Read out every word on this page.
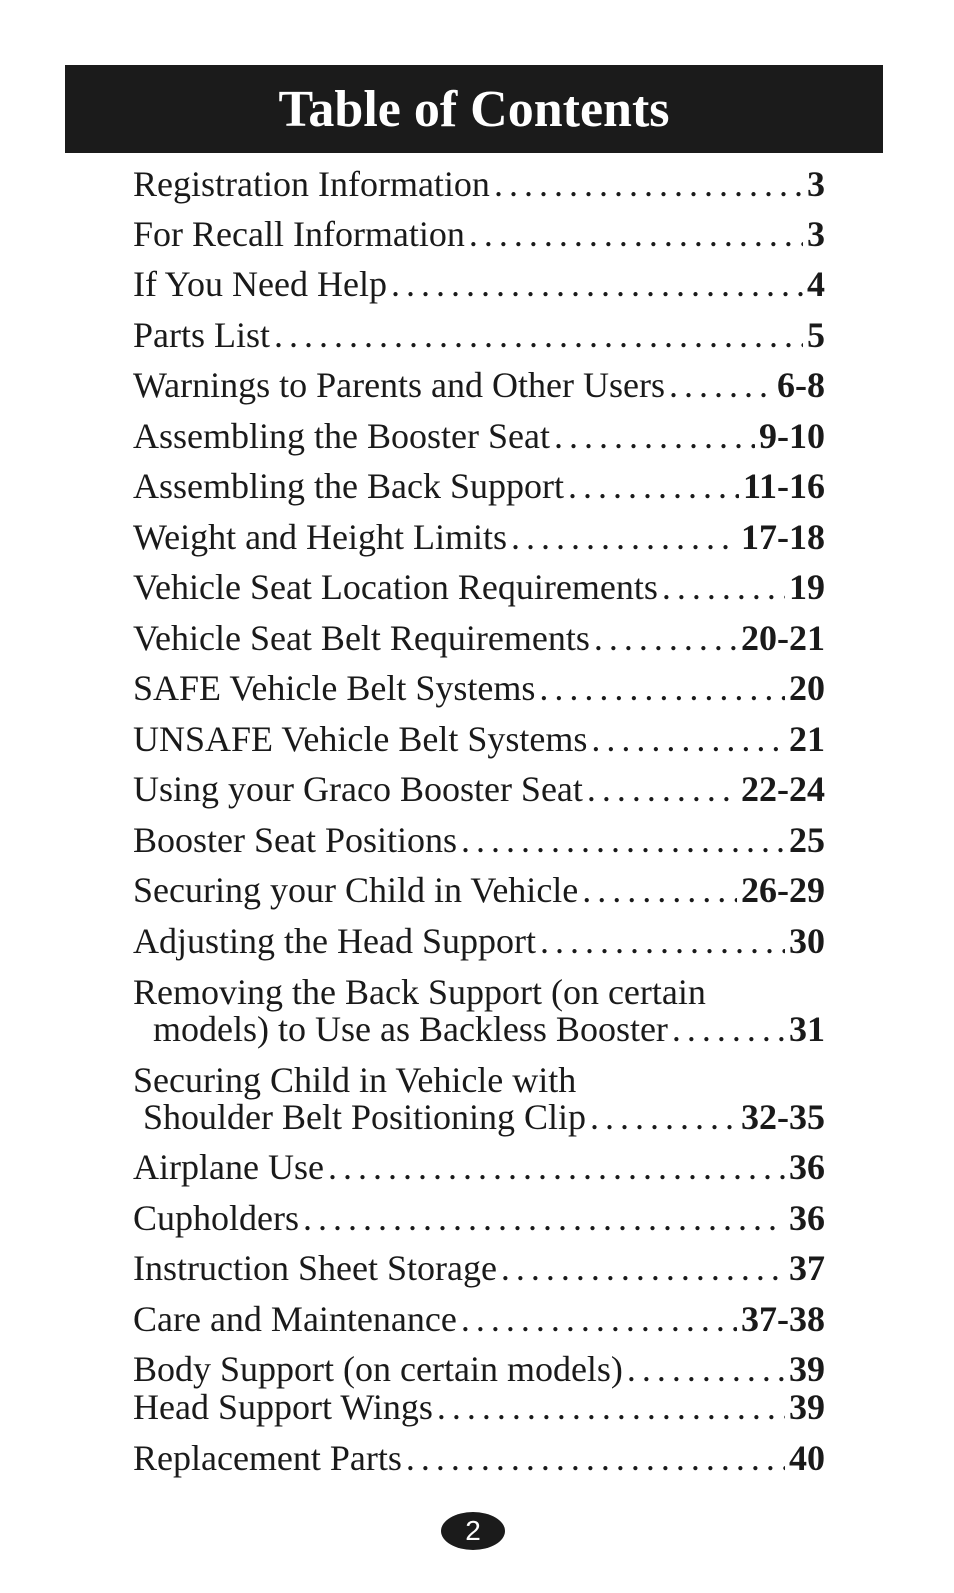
Table of Contents
Registration Information .....	3
For Recall Information .....	3
If You Need Help .....	4
Parts List .....	5
Warnings to Parents and Other Users .....	6-8
Assembling the Booster Seat .....	9-10
Assembling the Back Support .....	11-16
Weight and Height Limits .....	17-18
Vehicle Seat Location Requirements .....	19
Vehicle Seat Belt Requirements .....	20-21
SAFE Vehicle Belt Systems .....	20
UNSAFE Vehicle Belt Systems .....	21
Using your Graco Booster Seat .....	22-24
Booster Seat Positions .....	25
Securing your Child in Vehicle .....	26-29
Adjusting the Head Support .....	30
Removing the Back Support (on certain
models) to Use as Backless Booster .....	31
Securing Child in Vehicle with
Shoulder Belt Positioning Clip .....	32-35
Airplane Use .....	36
Cupholders .....	36
Instruction Sheet Storage .....	37
Care and Maintenance .....	37-38
Body Support (on certain models) .....	39
Head Support Wings .....	39
Replacement Parts .....	40
2
